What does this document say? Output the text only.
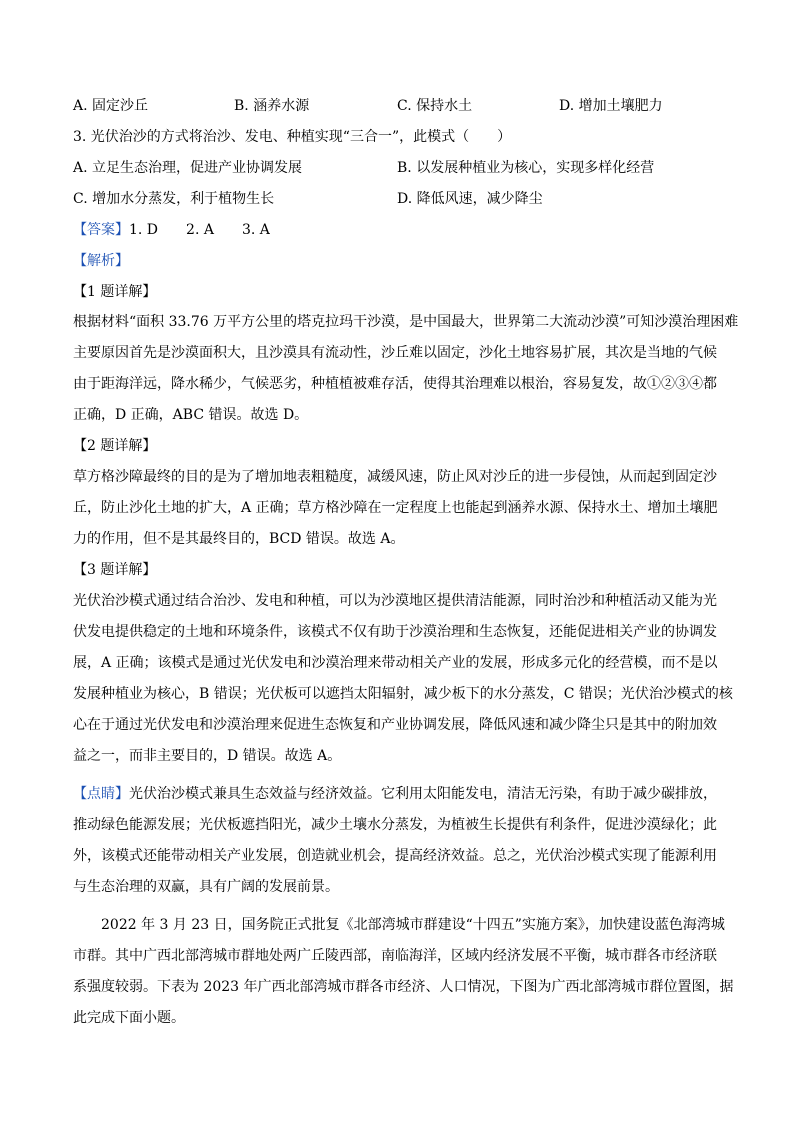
A. 固定沙丘	B. 涵养水源	C. 保持水土	D. 增加土壤肥力
3. 光伏治沙的方式将治沙、发电、种植实现“三合一”，此模式（　　）
A. 立足生态治理，促进产业协调发展	B. 以发展种植业为核心，实现多样化经营
C. 增加水分蒸发，利于植物生长	D. 降低风速，减少降尘
【答案】1. D　　2. A　　3. A
【解析】
【1 题详解】
根据材料“面积 33.76 万平方公里的塔克拉玛干沙漠，是中国最大，世界第二大流动沙漠”可知沙漠治理困难
主要原因首先是沙漠面积大，且沙漠具有流动性，沙丘难以固定，沙化土地容易扩展，其次是当地的气候
由于距海洋远，降水稀少，气候恶劣，种植植被难存活，使得其治理难以根治，容易复发，故①②③④都
正确，D 正确，ABC 错误。故选 D。
【2 题详解】
草方格沙障最终的目的是为了增加地表粗糙度，减缓风速，防止风对沙丘的进一步侵蚀，从而起到固定沙
丘，防止沙化土地的扩大，A 正确；草方格沙障在一定程度上也能起到涵养水源、保持水土、增加土壤肥
力的作用，但不是其最终目的，BCD 错误。故选 A。
【3 题详解】
光伏治沙模式通过结合治沙、发电和种植，可以为沙漠地区提供清洁能源，同时治沙和种植活动又能为光
伏发电提供稳定的土地和环境条件，该模式不仅有助于沙漠治理和生态恢复，还能促进相关产业的协调发
展，A 正确；该模式是通过光伏发电和沙漠治理来带动相关产业的发展，形成多元化的经营模，而不是以
发展种植业为核心，B 错误；光伏板可以遮挡太阳辐射，减少板下的水分蒸发，C 错误；光伏治沙模式的核
心在于通过光伏发电和沙漠治理来促进生态恢复和产业协调发展，降低风速和减少降尘只是其中的附加效
益之一，而非主要目的，D 错误。故选 A。
【点睛】光伏治沙模式兼具生态效益与经济效益。它利用太阳能发电，清洁无污染，有助于减少碳排放，
推动绿色能源发展；光伏板遮挡阳光，减少土壤水分蒸发，为植被生长提供有利条件，促进沙漠绿化；此
外，该模式还能带动相关产业发展，创造就业机会，提高经济效益。总之，光伏治沙模式实现了能源利用
与生态治理的双赢，具有广阔的发展前景。
　　2022 年 3 月 23 日，国务院正式批复《北部湾城市群建设“十四五”实施方案》，加快建设蓝色海湾城
市群。其中广西北部湾城市群地处两广丘陵西部，南临海洋，区域内经济发展不平衡，城市群各市经济联
系强度较弱。下表为 2023 年广西北部湾城市群各市经济、人口情况，下图为广西北部湾城市群位置图，据
此完成下面小题。
